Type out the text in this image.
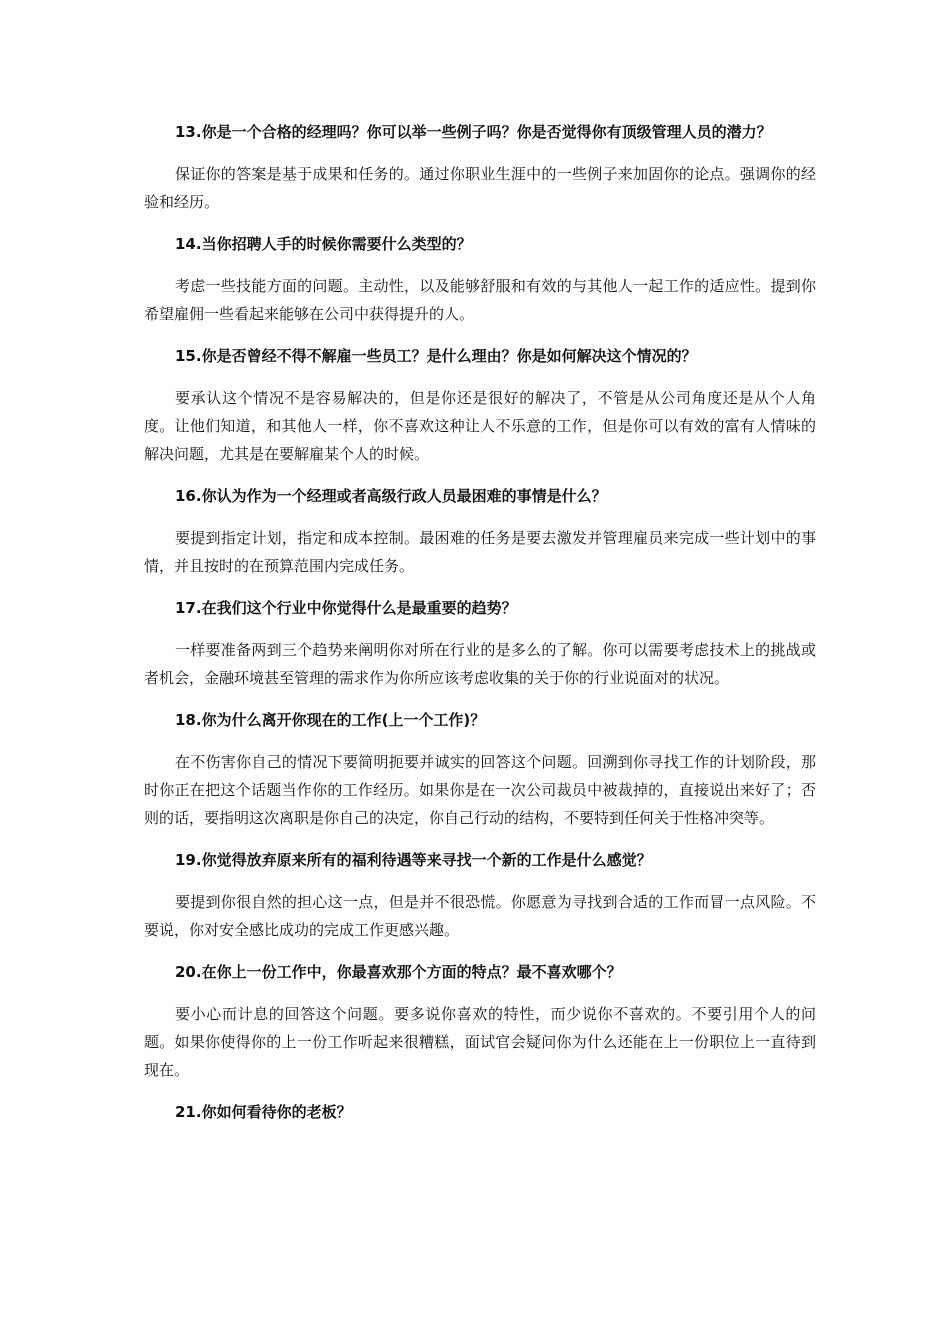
13.你是一个合格的经理吗？你可以举一些例子吗？你是否觉得你有顶级管理人员的潜力？

保证你的答案是基于成果和任务的。通过你职业生涯中的一些例子来加固你的论点。强调你的经验和经历。

14.当你招聘人手的时候你需要什么类型的？

考虑一些技能方面的问题。主动性，以及能够舒服和有效的与其他人一起工作的适应性。提到你希望雇佣一些看起来能够在公司中获得提升的人。

15.你是否曾经不得不解雇一些员工？是什么理由？你是如何解决这个情况的？

要承认这个情况不是容易解决的，但是你还是很好的解决了，不管是从公司角度还是从个人角度。让他们知道，和其他人一样，你不喜欢这种让人不乐意的工作，但是你可以有效的富有人情味的解决问题，尤其是在要解雇某个人的时候。

16.你认为作为一个经理或者高级行政人员最困难的事情是什么？

要提到指定计划，指定和成本控制。最困难的任务是要去激发并管理雇员来完成一些计划中的事情，并且按时的在预算范围内完成任务。

17.在我们这个行业中你觉得什么是最重要的趋势？

一样要准备两到三个趋势来阐明你对所在行业的是多么的了解。你可以需要考虑技术上的挑战或者机会，金融环境甚至管理的需求作为你所应该考虑收集的关于你的行业说面对的状况。

18.你为什么离开你现在的工作(上一个工作)？

在不伤害你自己的情况下要简明扼要并诚实的回答这个问题。回溯到你寻找工作的计划阶段，那时你正在把这个话题当作你的工作经历。如果你是在一次公司裁员中被裁掉的，直接说出来好了；否则的话，要指明这次离职是你自己的决定，你自己行动的结构，不要特到任何关于性格冲突等。

19.你觉得放弃原来所有的福利待遇等来寻找一个新的工作是什么感觉？

要提到你很自然的担心这一点，但是并不很恐慌。你愿意为寻找到合适的工作而冒一点风险。不要说，你对安全感比成功的完成工作更感兴趣。

20.在你上一份工作中，你最喜欢那个方面的特点？最不喜欢哪个？

要小心而计息的回答这个问题。要多说你喜欢的特性，而少说你不喜欢的。不要引用个人的问题。如果你使得你的上一份工作听起来很糟糕，面试官会疑问你为什么还能在上一份职位上一直待到现在。

21.你如何看待你的老板？
